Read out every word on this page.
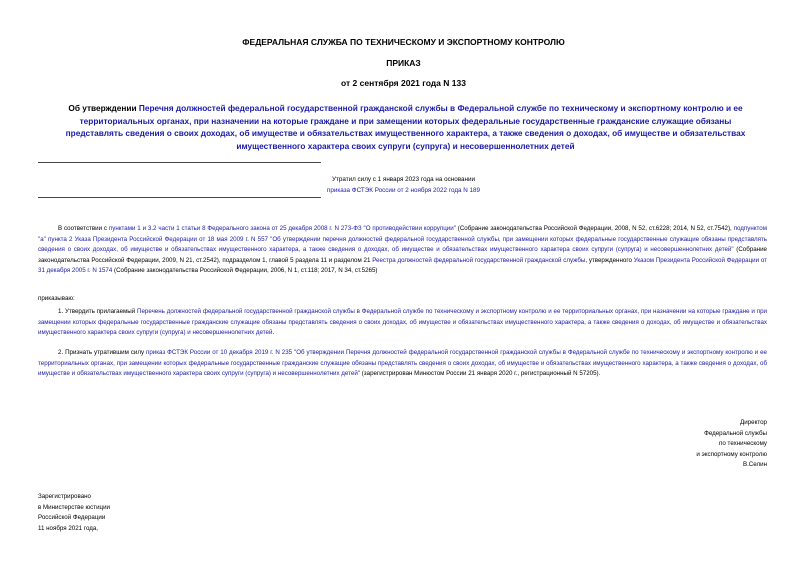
ФЕДЕРАЛЬНАЯ СЛУЖБА ПО ТЕХНИЧЕСКОМУ И ЭКСПОРТНОМУ КОНТРОЛЮ
ПРИКАЗ
от 2 сентября 2021 года N 133
Об утверждении Перечня должностей федеральной государственной гражданской службы в Федеральной службе по техническому и экспортному контролю и ее территориальных органах, при назначении на которые граждане и при замещении которых федеральные государственные гражданские служащие обязаны представлять сведения о своих доходах, об имуществе и обязательствах имущественного характера, а также сведения о доходах, об имуществе и обязательствах имущественного характера своих супруги (супруга) и несовершеннолетних детей
Утратил силу с 1 января 2023 года на основании
приказа ФСТЭК России от 2 ноября 2022 года N 189
В соответствии с пунктами 1 и 3.2 части 1 статьи 8 Федерального закона от 25 декабря 2008 г. N 273-ФЗ "О противодействии коррупции" (Собрание законодательства Российской Федерации, 2008, N 52, ст.6228; 2014, N 52, ст.7542), подпунктом "а" пункта 2 Указа Президента Российской Федерации от 18 мая 2009 г. N 557 "Об утверждении перечня должностей федеральной государственной службы, при замещении которых федеральные государственные служащие обязаны представлять сведения о своих доходах, об имуществе и обязательствах имущественного характера, а также сведения о доходах, об имуществе и обязательствах имущественного характера своих супруги (супруга) и несовершеннолетних детей" (Собрание законодательства Российской Федерации, 2009, N 21, ст.2542), подразделом 1, главой 5 раздела 11 и разделом 21 Реестра должностей федеральной государственной гражданской службы, утвержденного Указом Президента Российской Федерации от 31 декабря 2005 г. N 1574 (Собрание законодательства Российской Федерации, 2006, N 1, ст.118; 2017, N 34, ст.5265)
приказываю:
1. Утвердить прилагаемый Перечень должностей федеральной государственной гражданской службы в Федеральной службе по техническому и экспортному контролю и ее территориальных органах, при назначении на которые граждане и при замещении которых федеральные государственные гражданские служащие обязаны представлять сведения о своих доходах, об имуществе и обязательствах имущественного характера, а также сведения о доходах, об имуществе и обязательствах имущественного характера своих супруги (супруга) и несовершеннолетних детей.
2. Признать утратившим силу приказ ФСТЭК России от 10 декабря 2019 г. N 235 "Об утверждении Перечня должностей федеральной государственной гражданской службы в Федеральной службе по техническому и экспортному контролю и ее территориальных органах, при замещении которых федеральные государственные гражданские служащие обязаны представлять сведения о своих доходах, об имуществе и обязательствах имущественного характера, а также сведения о доходах, об имуществе и обязательствах имущественного характера своих супруги (супруга) и несовершеннолетних детей" (зарегистрирован Минюстом России 21 января 2020 г., регистрационный N 57205).
Директор
Федеральной службы
по техническому
и экспортному контролю
В.Селин
Зарегистрировано
в Министерстве юстиции
Российской Федерации
11 ноября 2021 года,
